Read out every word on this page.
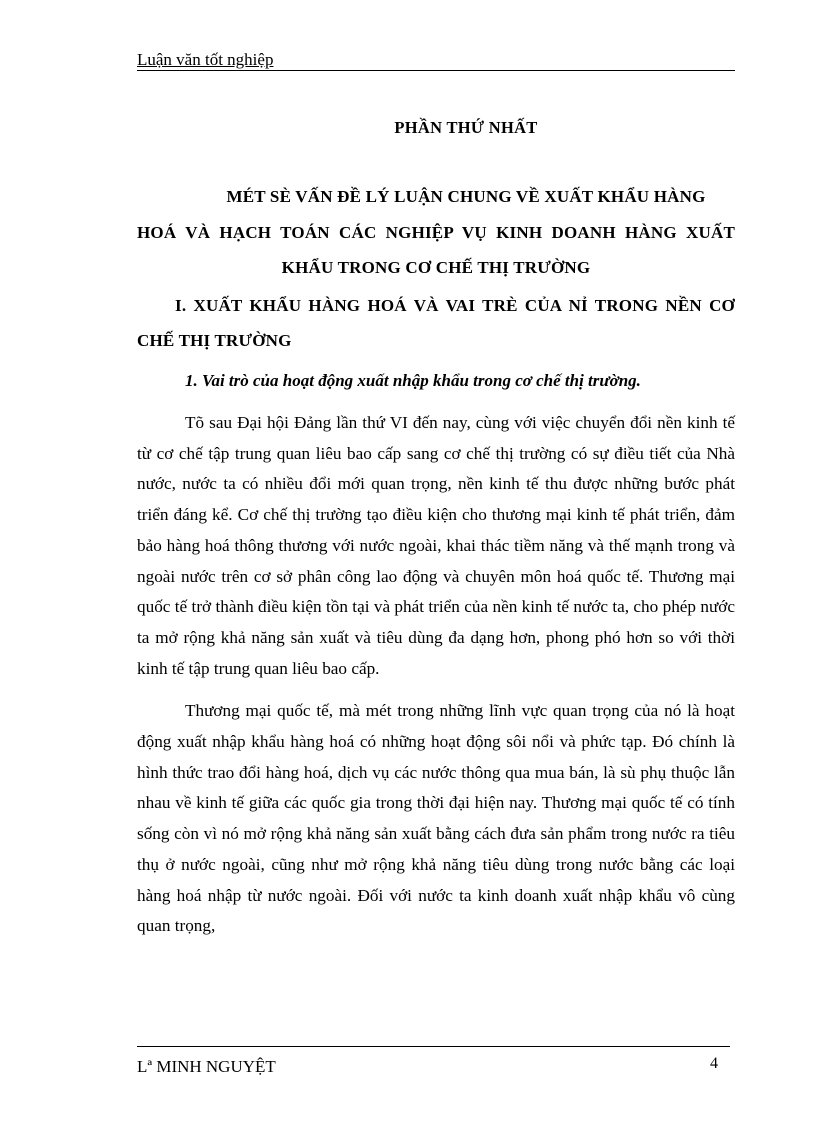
Luận văn tốt nghiệp
PHẦN THỨ NHẤT
MÉT SÈ VẤN ĐỀ LÝ LUẬN CHUNG VỀ XUẤT KHẨU HÀNG
HOÁ VÀ HẠCH TOÁN CÁC NGHIỆP VỤ KINH DOANH HÀNG XUẤT
KHẨU TRONG CƠ CHẾ THỊ TRƯỜNG
I. XUẤT KHẨU HÀNG HOÁ VÀ VAI TRÈ CỦA NỈ TRONG NỀN CƠ CHẾ THỊ TRƯỜNG
1. Vai trò của hoạt động xuất nhập khẩu trong cơ chế thị trường.

Tõ sau Đại hội Đảng lần thứ VI đến nay, cùng với việc chuyển đổi nền kinh tế từ cơ chế tập trung quan liêu bao cấp sang cơ chế thị trường có sự điều tiết của Nhà nước, nước ta có nhiều đổi mới quan trọng, nền kinh tế thu được những bước phát triển đáng kể. Cơ chế thị trường tạo điều kiện cho thương mại kinh tế phát triển, đảm bảo hàng hoá thông thương với nước ngoài, khai thác tiềm năng và thế mạnh trong và ngoài nước trên cơ sở phân công lao động và chuyên môn hoá quốc tế. Thương mại quốc tế trở thành điều kiện tồn tại và phát triển của nền kinh tế nước ta, cho phép nước ta mở rộng khả năng sản xuất và tiêu dùng đa dạng hơn, phong phó hơn so với thời kinh tế tập trung quan liêu bao cấp.

Thương mại quốc tế, mà mét trong những lĩnh vực quan trọng của nó là hoạt động xuất nhập khẩu hàng hoá có những hoạt động sôi nổi và phức tạp. Đó chính là hình thức trao đổi hàng hoá, dịch vụ các nước thông qua mua bán, là sù phụ thuộc lẫn nhau về kinh tế giữa các quốc gia trong thời đại hiện nay. Thương mại quốc tế có tính sống còn vì nó mở rộng khả năng sản xuất bằng cách đưa sản phẩm trong nước ra tiêu thụ ở nước ngoài, cũng như mở rộng khả năng tiêu dùng trong nước bằng các loại hàng hoá nhập từ nước ngoài. Đối với nước ta kinh doanh xuất nhập khẩu vô cùng quan trọng,

Lª MINH NGUYỆT	4
